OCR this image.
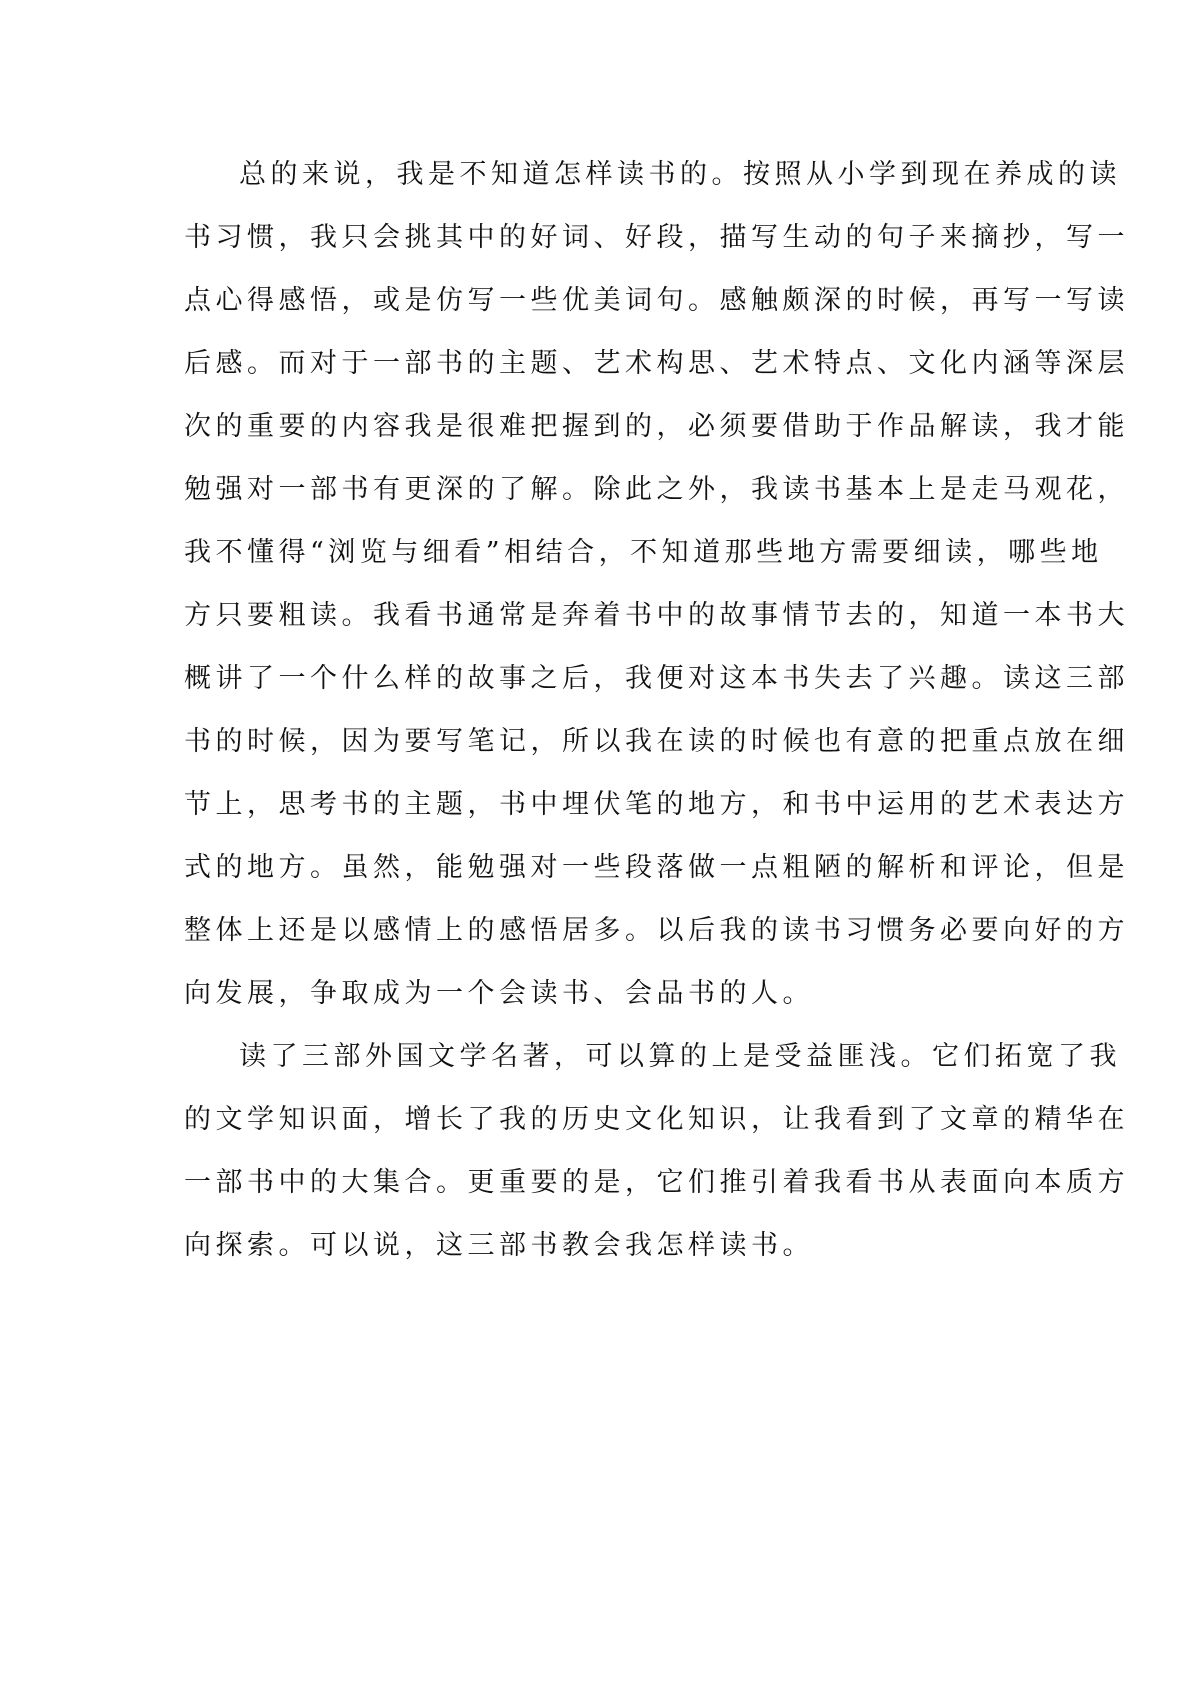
总的来说，我是不知道怎样读书的。按照从小学到现在养成的读
书习惯，我只会挑其中的好词、好段，描写生动的句子来摘抄，写一
点心得感悟，或是仿写一些优美词句。感触颇深的时候，再写一写读
后感。而对于一部书的主题、艺术构思、艺术特点、文化内涵等深层
次的重要的内容我是很难把握到的，必须要借助于作品解读，我才能
勉强对一部书有更深的了解。除此之外，我读书基本上是走马观花，
我不懂得“浏览与细看”相结合，不知道那些地方需要细读，哪些地
方只要粗读。我看书通常是奔着书中的故事情节去的，知道一本书大
概讲了一个什么样的故事之后，我便对这本书失去了兴趣。读这三部
书的时候，因为要写笔记，所以我在读的时候也有意的把重点放在细
节上，思考书的主题，书中埋伏笔的地方，和书中运用的艺术表达方
式的地方。虽然，能勉强对一些段落做一点粗陋的解析和评论，但是
整体上还是以感情上的感悟居多。以后我的读书习惯务必要向好的方
向发展，争取成为一个会读书、会品书的人。
读了三部外国文学名著，可以算的上是受益匪浅。它们拓宽了我
的文学知识面，增长了我的历史文化知识，让我看到了文章的精华在
一部书中的大集合。更重要的是，它们推引着我看书从表面向本质方
向探索。可以说，这三部书教会我怎样读书。
